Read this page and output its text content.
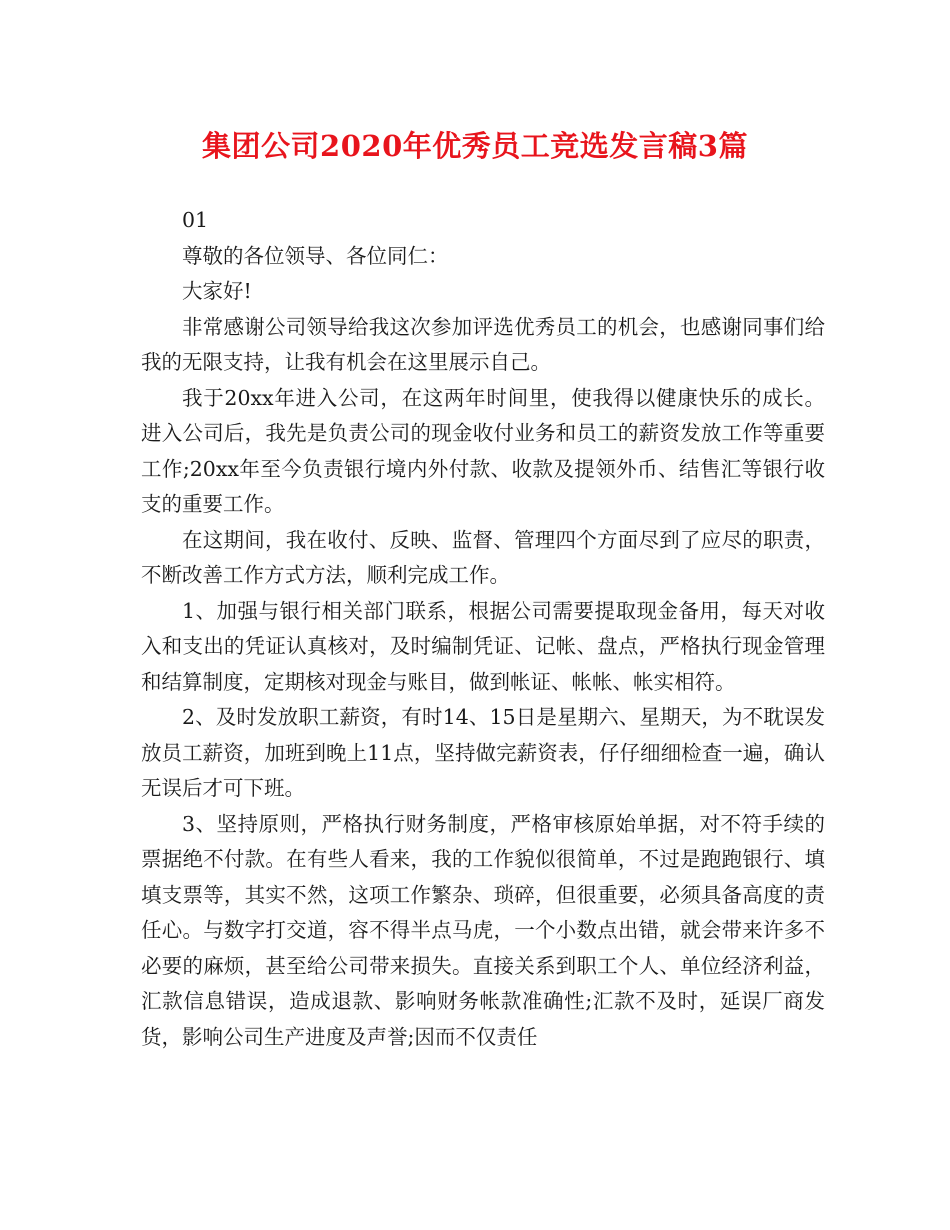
集团公司2020年优秀员工竞选发言稿3篇

01

尊敬的各位领导、各位同仁：

大家好!

非常感谢公司领导给我这次参加评选优秀员工的机会，也感谢同事们给我的无限支持，让我有机会在这里展示自己。

我于20xx年进入公司，在这两年时间里，使我得以健康快乐的成长。进入公司后，我先是负责公司的现金收付业务和员工的薪资发放工作等重要工作;20xx年至今负责银行境内外付款、收款及提领外币、结售汇等银行收支的重要工作。

在这期间，我在收付、反映、监督、管理四个方面尽到了应尽的职责，不断改善工作方式方法，顺利完成工作。

1、加强与银行相关部门联系，根据公司需要提取现金备用，每天对收入和支出的凭证认真核对，及时编制凭证、记帐、盘点，严格执行现金管理和结算制度，定期核对现金与账目，做到帐证、帐帐、帐实相符。

2、及时发放职工薪资，有时14、15日是星期六、星期天，为不耽误发放员工薪资，加班到晚上11点，坚持做完薪资表，仔仔细细检查一遍，确认无误后才可下班。

3、坚持原则，严格执行财务制度，严格审核原始单据，对不符手续的票据绝不付款。在有些人看来，我的工作貌似很简单，不过是跑跑银行、填填支票等，其实不然，这项工作繁杂、琐碎，但很重要，必须具备高度的责任心。与数字打交道，容不得半点马虎，一个小数点出错，就会带来许多不必要的麻烦，甚至给公司带来损失。直接关系到职工个人、单位经济利益，汇款信息错误，造成退款、影响财务帐款准确性;汇款不及时，延误厂商发货，影响公司生产进度及声誉;因而不仅责任
